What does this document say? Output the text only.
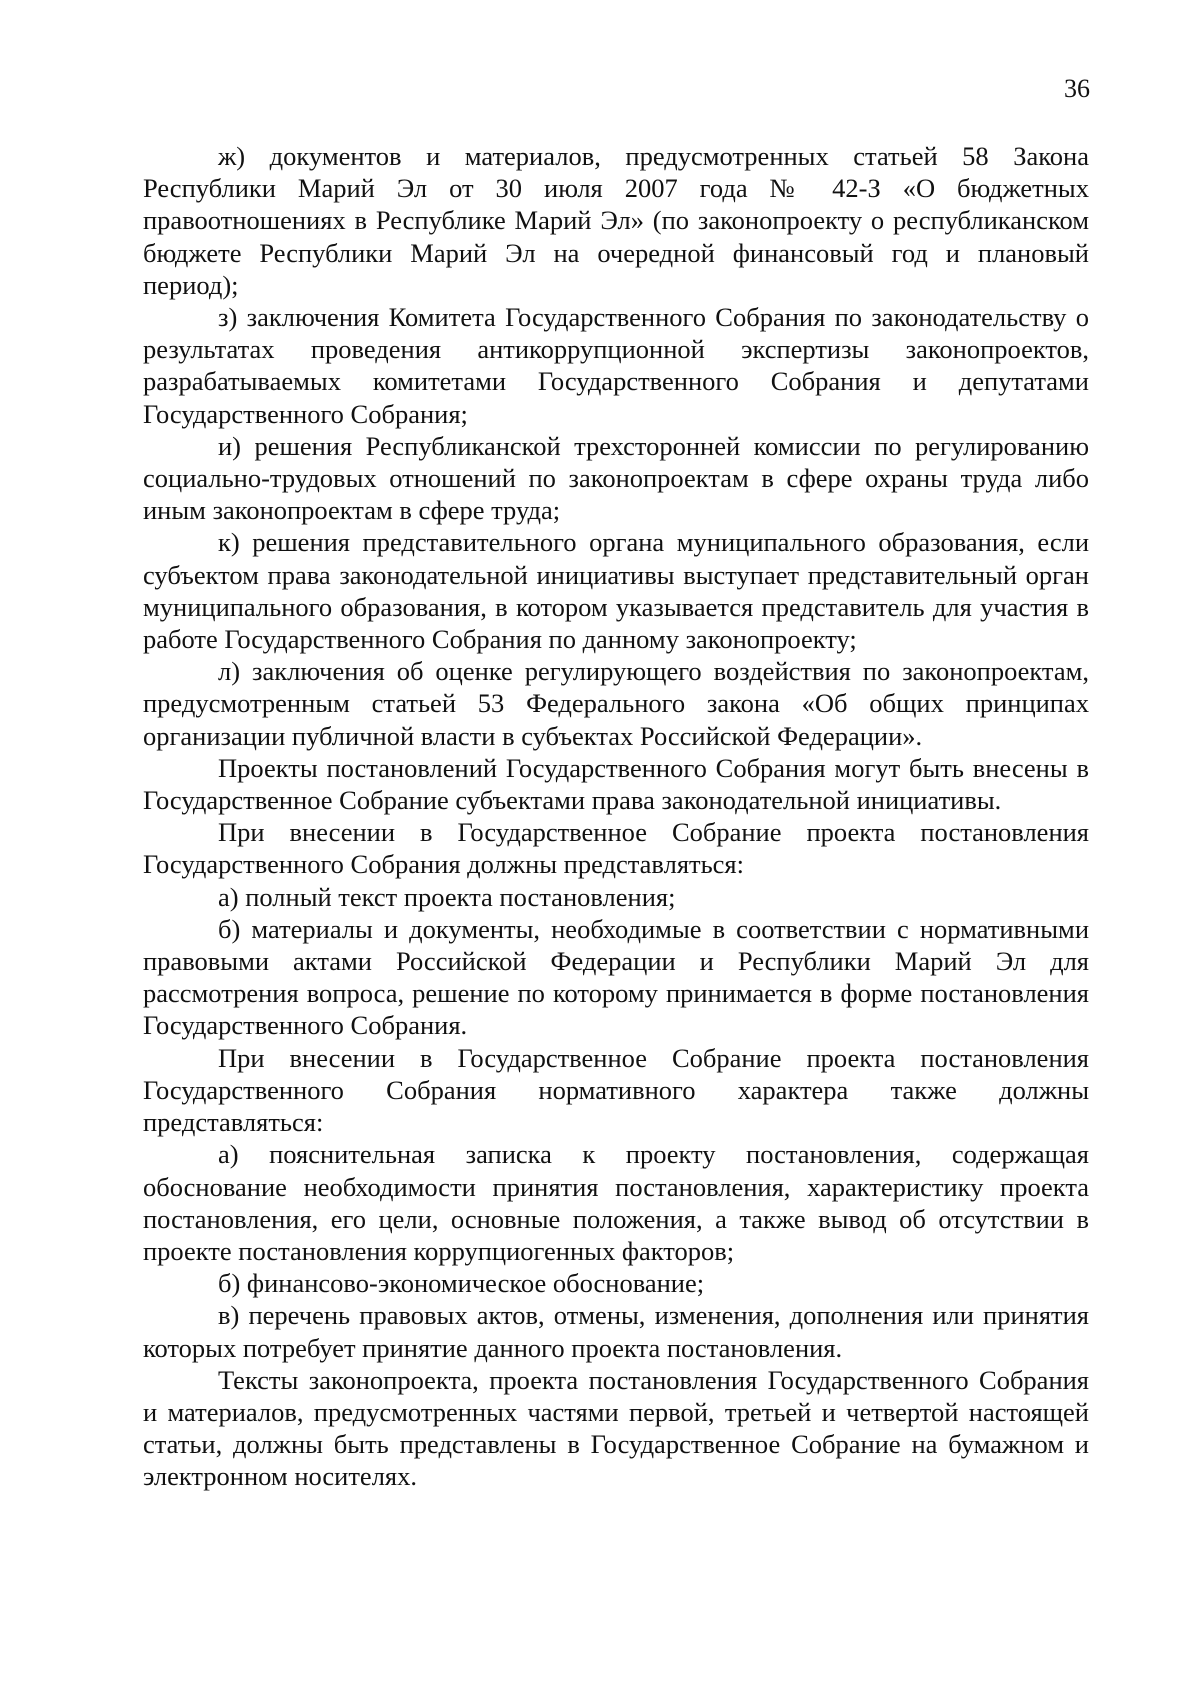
36

ж) документов и материалов, предусмотренных статьей 58 Закона Республики Марий Эл от 30 июля 2007 года № 42-З «О бюджетных правоотношениях в Республике Марий Эл» (по законопроекту о республиканском бюджете Республики Марий Эл на очередной финансовый год и плановый период);

з) заключения Комитета Государственного Собрания по законодательству о результатах проведения антикоррупционной экспертизы законопроектов, разрабатываемых комитетами Государственного Собрания и депутатами Государственного Собрания;

и) решения Республиканской трехсторонней комиссии по регулированию социально-трудовых отношений по законопроектам в сфере охраны труда либо иным законопроектам в сфере труда;

к) решения представительного органа муниципального образования, если субъектом права законодательной инициативы выступает представительный орган муниципального образования, в котором указывается представитель для участия в работе Государственного Собрания по данному законопроекту;

л) заключения об оценке регулирующего воздействия по законопроектам, предусмотренным статьей 53 Федерального закона «Об общих принципах организации публичной власти в субъектах Российской Федерации».

Проекты постановлений Государственного Собрания могут быть внесены в Государственное Собрание субъектами права законодательной инициативы.

При внесении в Государственное Собрание проекта постановления Государственного Собрания должны представляться:

а) полный текст проекта постановления;

б) материалы и документы, необходимые в соответствии с нормативными правовыми актами Российской Федерации и Республики Марий Эл для рассмотрения вопроса, решение по которому принимается в форме постановления Государственного Собрания.

При внесении в Государственное Собрание проекта постановления Государственного Собрания нормативного характера также должны представляться:

а) пояснительная записка к проекту постановления, содержащая обоснование необходимости принятия постановления, характеристику проекта постановления, его цели, основные положения, а также вывод об отсутствии в проекте постановления коррупциогенных факторов;

б) финансово-экономическое обоснование;

в) перечень правовых актов, отмены, изменения, дополнения или принятия которых потребует принятие данного проекта постановления.

Тексты законопроекта, проекта постановления Государственного Собрания и материалов, предусмотренных частями первой, третьей и четвертой настоящей статьи, должны быть представлены в Государственное Собрание на бумажном и электронном носителях.
